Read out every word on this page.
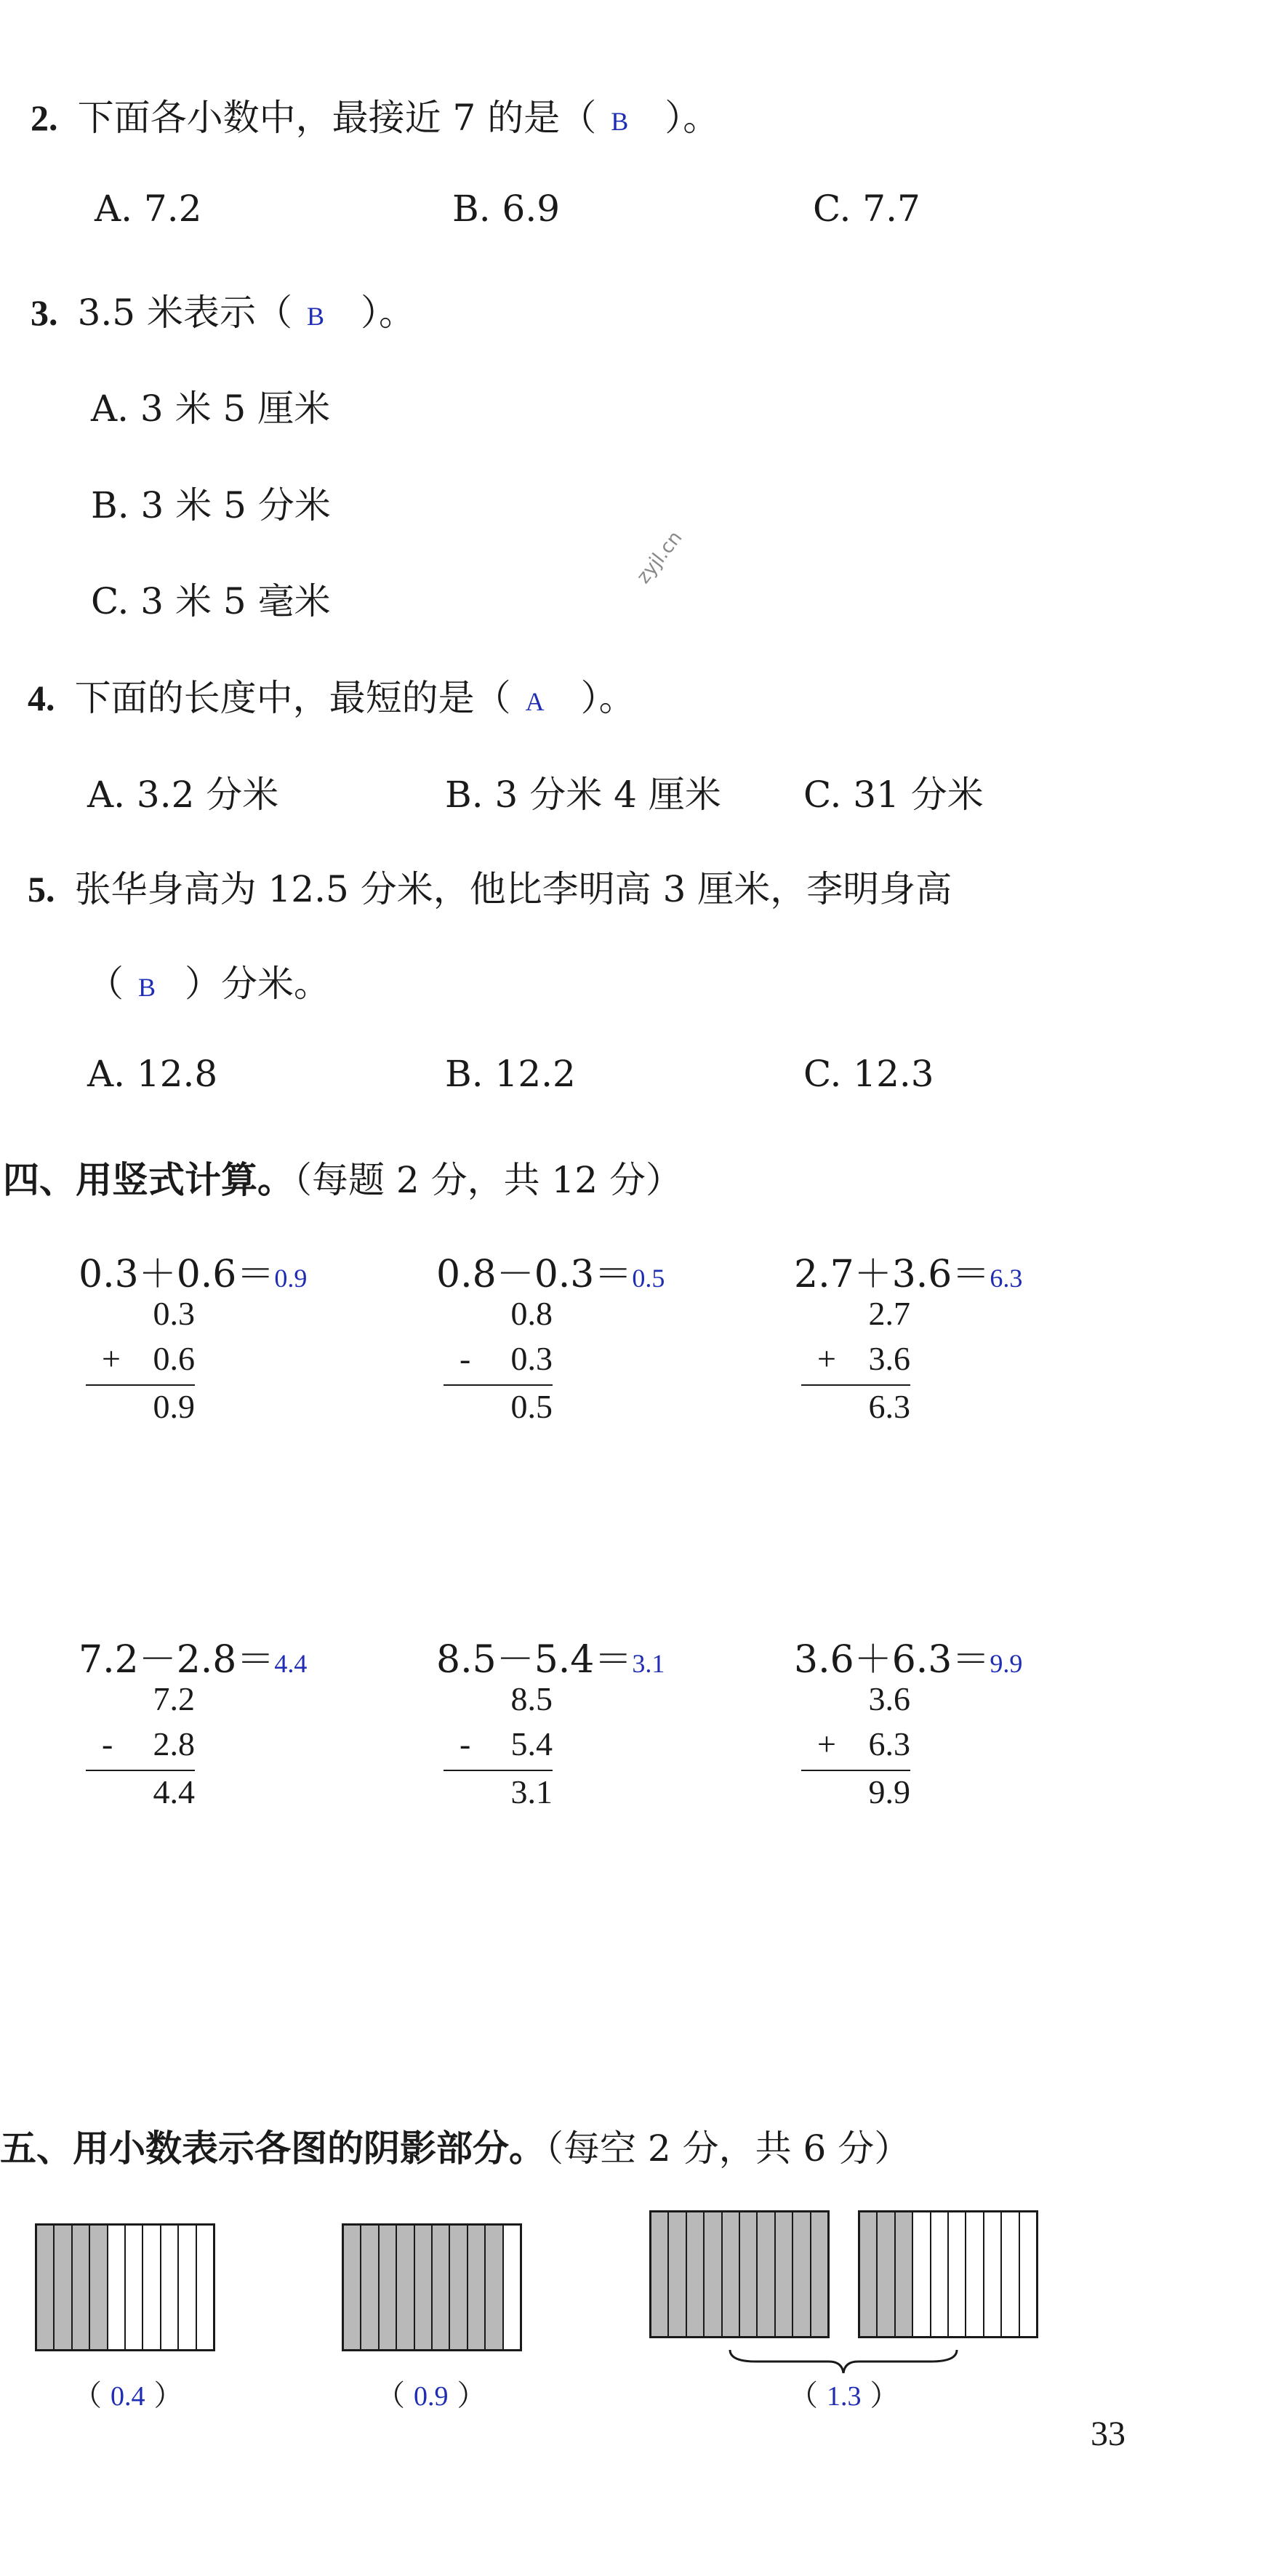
2. 下面各小数中，最接近 7 的是（ B ）。
A. 7.2	B. 6.9	C. 7.7
3. 3.5 米表示（ B ）。
A. 3 米 5 厘米
B. 3 米 5 分米
C. 3 米 5 毫米
zyjl.cn
4. 下面的长度中，最短的是（ A ）。
A. 3.2 分米	B. 3 分米 4 厘米 C. 31 分米
5. 张华身高为 12.5 分米，他比李明高 3 厘米，李明身高
（ B ）分米。
A. 12.8	B. 12.2	C. 12.3
四、用竖式计算。（每题 2 分，共 12 分）
0.3＋0.6＝0.9
0.3
+ 0.6
0.9
0.8－0.3＝0.5
0.8
- 0.3
0.5
2.7＋3.6＝6.3
2.7
+ 3.6
6.3
7.2－2.8＝4.4
7.2
- 2.8
4.4
8.5－5.4＝3.1
8.5
- 5.4
3.1
3.6＋6.3＝9.9
3.6
+ 6.3
9.9
五、用小数表示各图的阴影部分。（每空 2 分，共 6 分）
（ 0.4 ）	（ 0.9 ）	（ 1.3 ）
33
